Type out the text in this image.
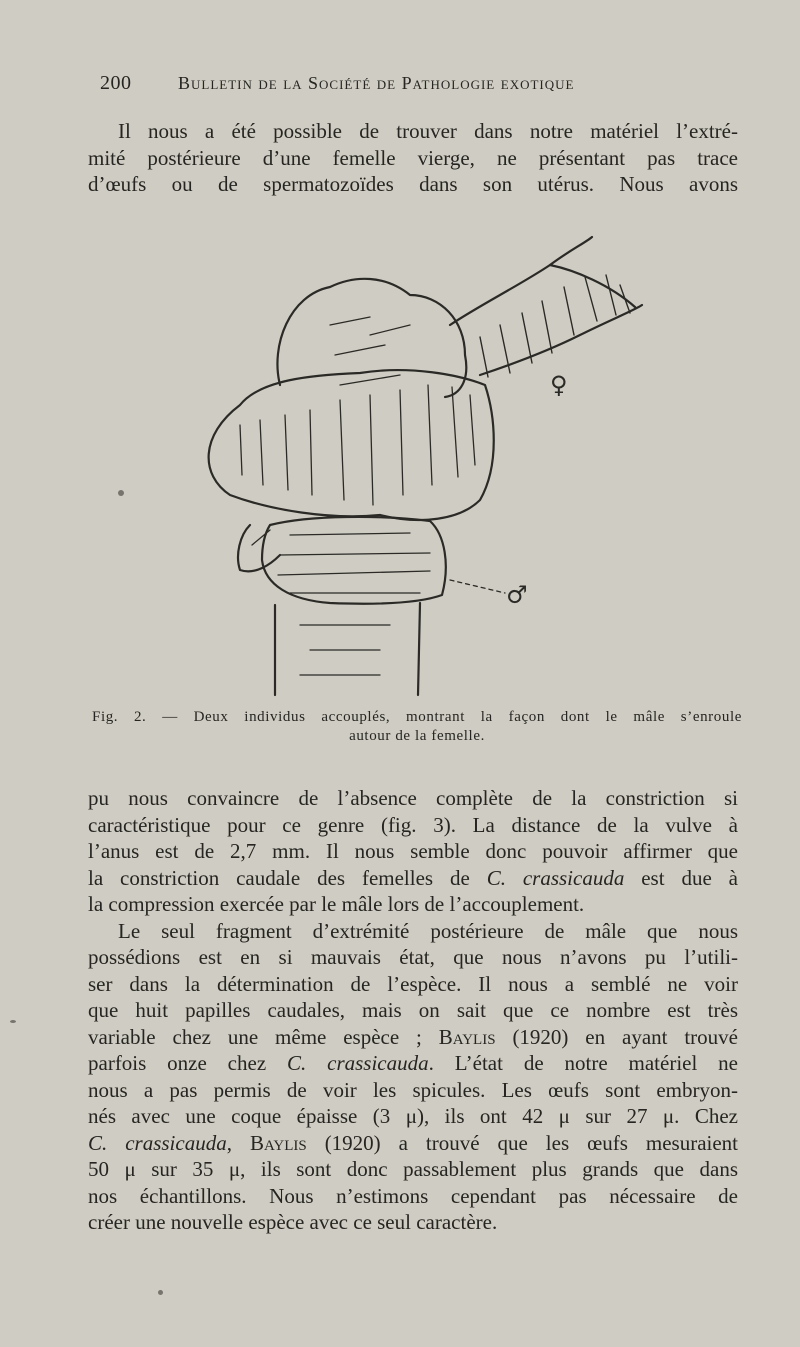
200	Bulletin de la Société de Pathologie exotique
Il nous a été possible de trouver dans notre matériel l’extré-
mité postérieure d’une femelle vierge, ne présentant pas trace
d’œufs ou de spermatozoïdes dans son utérus. Nous avons
♀
♂
Fig. 2. — Deux individus accouplés, montrant la façon dont le mâle s’enroule
autour de la femelle.
pu nous convaincre de l’absence complète de la constriction si
caractéristique pour ce genre (fig. 3). La distance de la vulve à
l’anus est de 2,7 mm. Il nous semble donc pouvoir affirmer que
la constriction caudale des femelles de C. crassicauda est due à
la compression exercée par le mâle lors de l’accouplement.
Le seul fragment d’extrémité postérieure de mâle que nous
possédions est en si mauvais état, que nous n’avons pu l’utili-
ser dans la détermination de l’espèce. Il nous a semblé ne voir
que huit papilles caudales, mais on sait que ce nombre est très
variable chez une même espèce ; Baylis (1920) en ayant trouvé
parfois onze chez C. crassicauda. L’état de notre matériel ne
nous a pas permis de voir les spicules. Les œufs sont embryon-
nés avec une coque épaisse (3 μ), ils ont 42 μ sur 27 μ. Chez
C. crassicauda, Baylis (1920) a trouvé que les œufs mesuraient
50 μ sur 35 μ, ils sont donc passablement plus grands que dans
nos échantillons. Nous n’estimons cependant pas nécessaire de
créer une nouvelle espèce avec ce seul caractère.
